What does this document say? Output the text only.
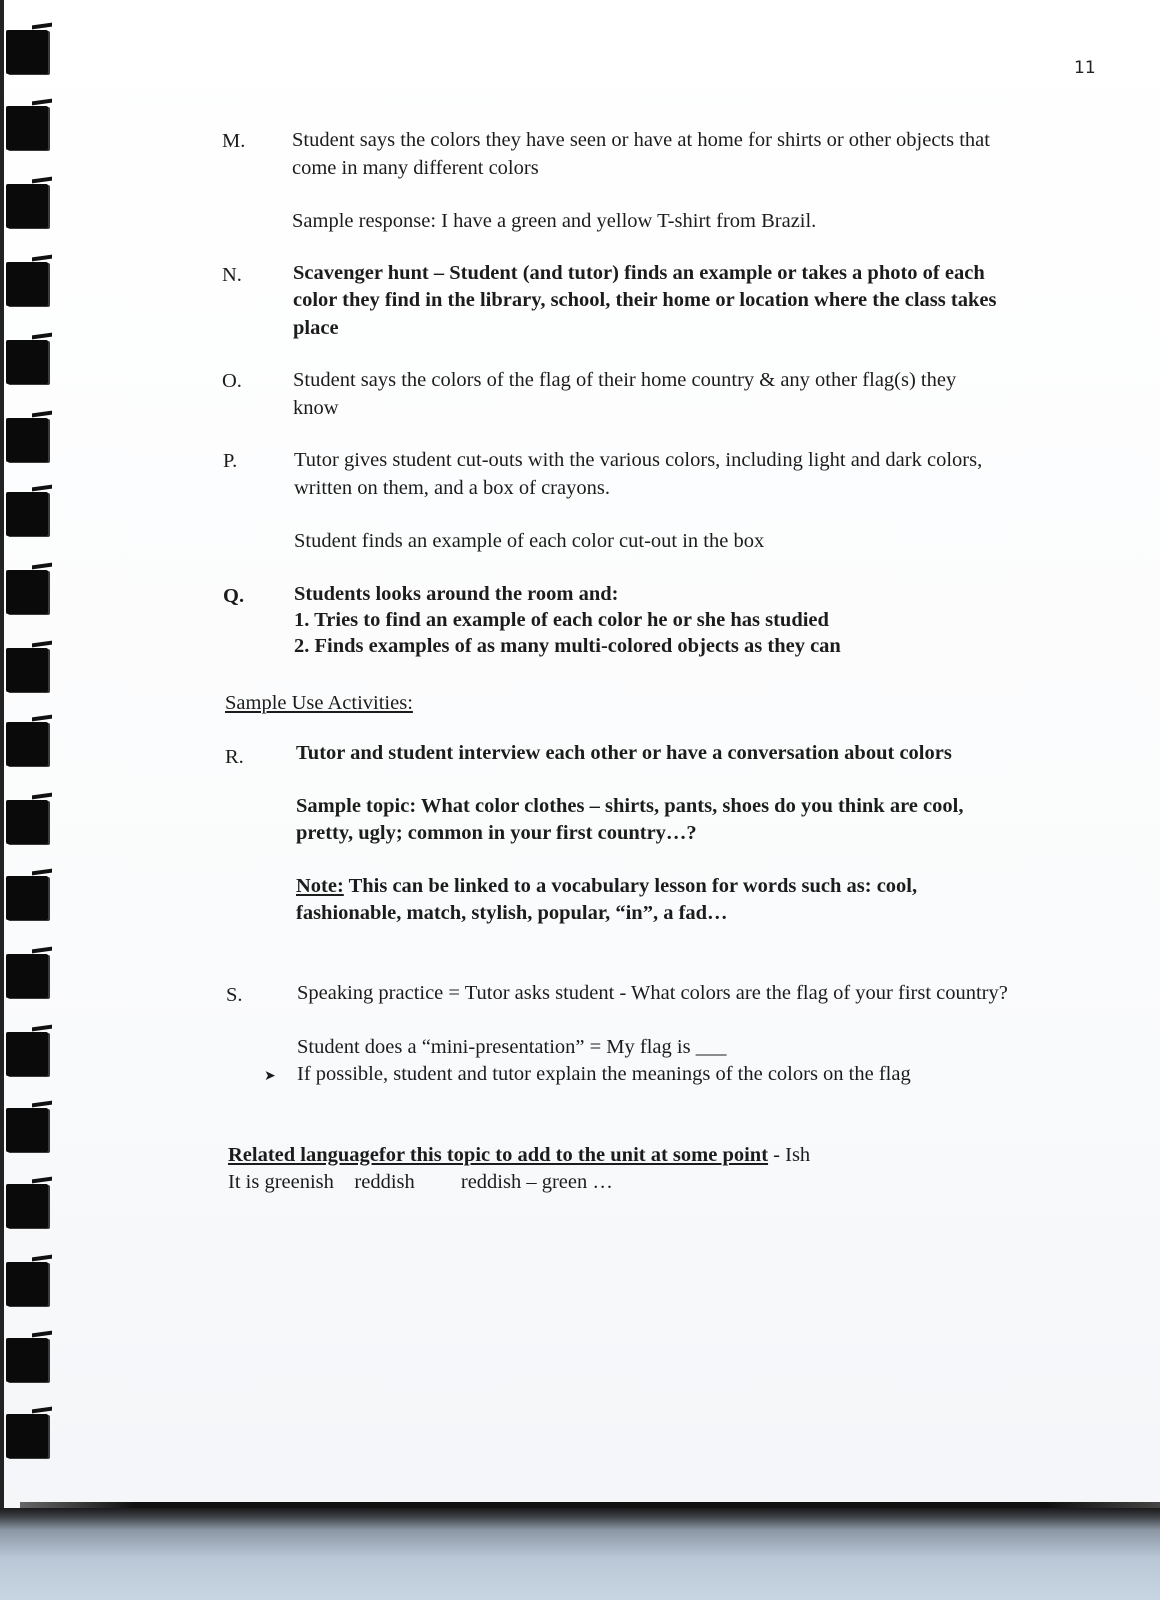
11
M. Student says the colors they have seen or have at home for shirts or other objects that
come in many different colors
Sample response: I have a green and yellow T-shirt from Brazil.
N. Scavenger hunt – Student (and tutor) finds an example or takes a photo of each
color they find in the library, school, their home or location where the class takes
place
O. Student says the colors of the flag of their home country & any other flag(s) they
know
P.	Tutor gives student cut-outs with the various colors, including light and dark colors,
written on them, and a box of crayons.
Student finds an example of each color cut-out in the box
Q. Students looks around the room and:
1. Tries to find an example of each color he or she has studied
2. Finds examples of as many multi-colored objects as they can
Sample Use Activities:
R.	Tutor and student interview each other or have a conversation about colors
Sample topic: What color clothes – shirts, pants, shoes do you think are cool,
pretty, ugly; common in your first country…?
Note: This can be linked to a vocabulary lesson for words such as: cool,
fashionable, match, stylish, popular, “in”, a fad…
S.	Speaking practice = Tutor asks student - What colors are the flag of your first country?
Student does a “mini-presentation” = My flag is ___
➤ If possible, student and tutor explain the meanings of the colors on the flag
Related languagefor this topic to add to the unit at some point - Ish
It is greenish    reddish         reddish – green …
